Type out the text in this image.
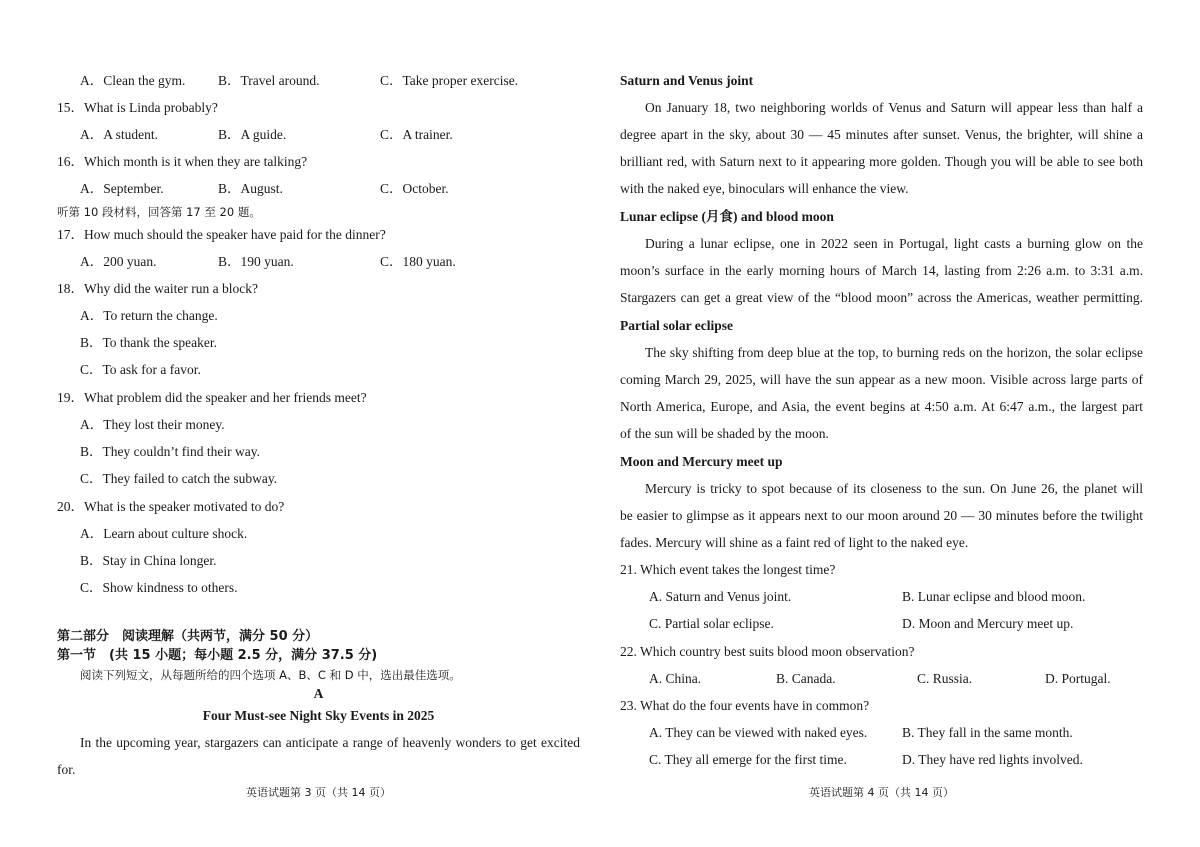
A．Clean the gym. B．Travel around.	C．Take proper exercise.
15．What is Linda probably?
A．A student.	B．A guide.	C．A trainer.
16．Which month is it when they are talking?
A．September.	B．August.	C．October.
听第 10 段材料，回答第 17 至 20 题。
17．How much should the speaker have paid for the dinner?
A．200 yuan.	B．190 yuan.	C．180 yuan.
18．Why did the waiter run a block?
A．To return the change.
B．To thank the speaker.
C．To ask for a favor.
19．What problem did the speaker and her friends meet?
A．They lost their money.
B．They couldn’t find their way.
C．They failed to catch the subway.
20．What is the speaker motivated to do?
A．Learn about culture shock.
B．Stay in China longer.
C．Show kindness to others.
第二部分　阅读理解（共两节，满分 50 分）
第一节　(共 15 小题；每小题 2.5 分，满分 37.5 分)
阅读下列短文，从每题所给的四个选项 A、B、C 和 D 中，选出最佳选项。
A
Four Must-see Night Sky Events in 2025
In the upcoming year, stargazers can anticipate a range of heavenly wonders to get excited
for.
英语试题第 3 页（共 14 页）
Saturn and Venus joint
On January 18, two neighboring worlds of Venus and Saturn will appear less than half a
degree apart in the sky, about 30 — 45 minutes after sunset. Venus, the brighter, will shine a
brilliant red, with Saturn next to it appearing more golden. Though you will be able to see both
with the naked eye, binoculars will enhance the view.
Lunar eclipse (月食) and blood moon
During a lunar eclipse, one in 2022 seen in Portugal, light casts a burning glow on the
moon’s surface in the early morning hours of March 14, lasting from 2:26 a.m. to 3:31 a.m.
Stargazers can get a great view of the “blood moon” across the Americas, weather permitting.
Partial solar eclipse
The sky shifting from deep blue at the top, to burning reds on the horizon, the solar eclipse
coming March 29, 2025, will have the sun appear as a new moon. Visible across large parts of
North America, Europe, and Asia, the event begins at 4:50 a.m. At 6:47 a.m., the largest part
of the sun will be shaded by the moon.
Moon and Mercury meet up
Mercury is tricky to spot because of its closeness to the sun. On June 26, the planet will
be easier to glimpse as it appears next to our moon around 20 — 30 minutes before the twilight
fades. Mercury will shine as a faint red of light to the naked eye.
21. Which event takes the longest time?
A. Saturn and Venus joint.	B. Lunar eclipse and blood moon.
C. Partial solar eclipse.	D. Moon and Mercury meet up.
22. Which country best suits blood moon observation?
A. China.	B. Canada.	C. Russia.	D. Portugal.
23. What do the four events have in common?
A. They can be viewed with naked eyes.	B. They fall in the same month.
C. They all emerge for the first time.	D. They have red lights involved.
英语试题第 4 页（共 14 页）
